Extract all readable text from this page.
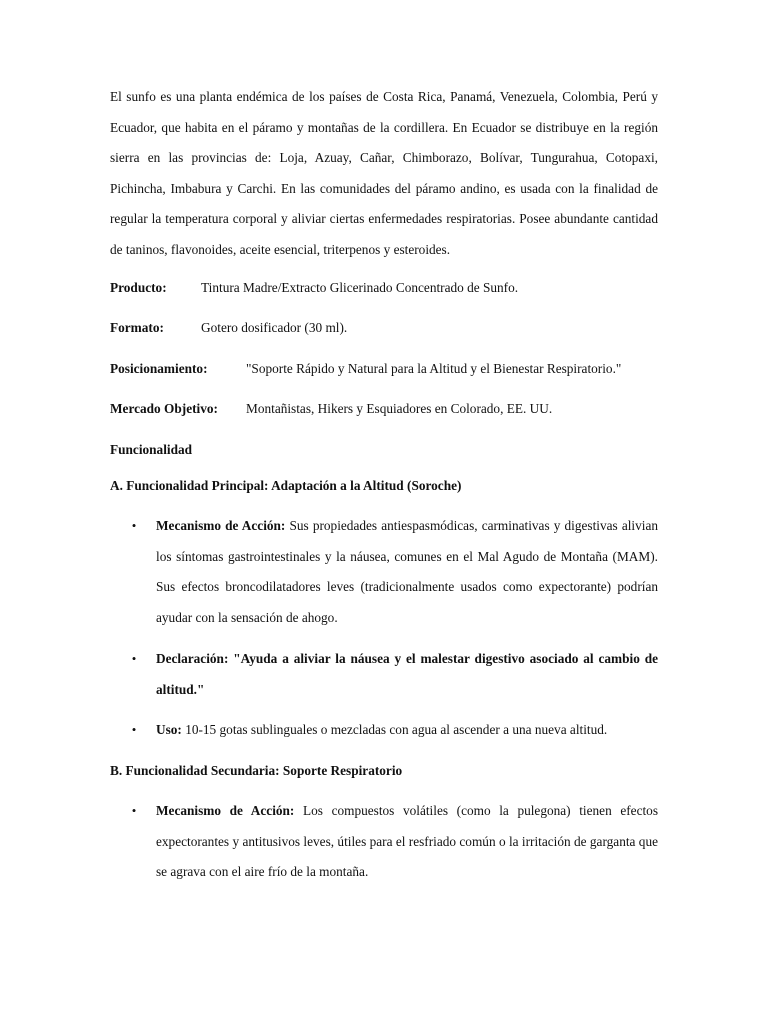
El sunfo es una planta endémica de los países de Costa Rica, Panamá, Venezuela, Colombia, Perú y Ecuador, que habita en el páramo y montañas de la cordillera. En Ecuador se distribuye en la región sierra en las provincias de: Loja, Azuay, Cañar, Chimborazo, Bolívar, Tungurahua, Cotopaxi, Pichincha, Imbabura y Carchi. En las comunidades del páramo andino, es usada con la finalidad de regular la temperatura corporal y aliviar ciertas enfermedades respiratorias. Posee abundante cantidad de taninos, flavonoides, aceite esencial, triterpenos y esteroides.

Producto:	Tintura Madre/Extracto Glicerinado Concentrado de Sunfo.
Formato:	Gotero dosificador (30 ml).
Posicionamiento:	"Soporte Rápido y Natural para la Altitud y el Bienestar Respiratorio."
Mercado Objetivo: Montañistas, Hikers y Esquiadores en Colorado, EE. UU.
Funcionalidad
A. Funcionalidad Principal: Adaptación a la Altitud (Soroche)
• Mecanismo de Acción: Sus propiedades antiespasmódicas, carminativas y digestivas alivian los síntomas gastrointestinales y la náusea, comunes en el Mal Agudo de Montaña (MAM). Sus efectos broncodilatadores leves (tradicionalmente usados como expectorante) podrían ayudar con la sensación de ahogo.

• Declaración: "Ayuda a aliviar la náusea y el malestar digestivo asociado al cambio de altitud."

• Uso: 10-15 gotas sublinguales o mezcladas con agua al ascender a una nueva altitud.

B. Funcionalidad Secundaria: Soporte Respiratorio
• Mecanismo de Acción: Los compuestos volátiles (como la pulegona) tienen efectos expectorantes y antitusivos leves, útiles para el resfriado común o la irritación de garganta que se agrava con el aire frío de la montaña.
